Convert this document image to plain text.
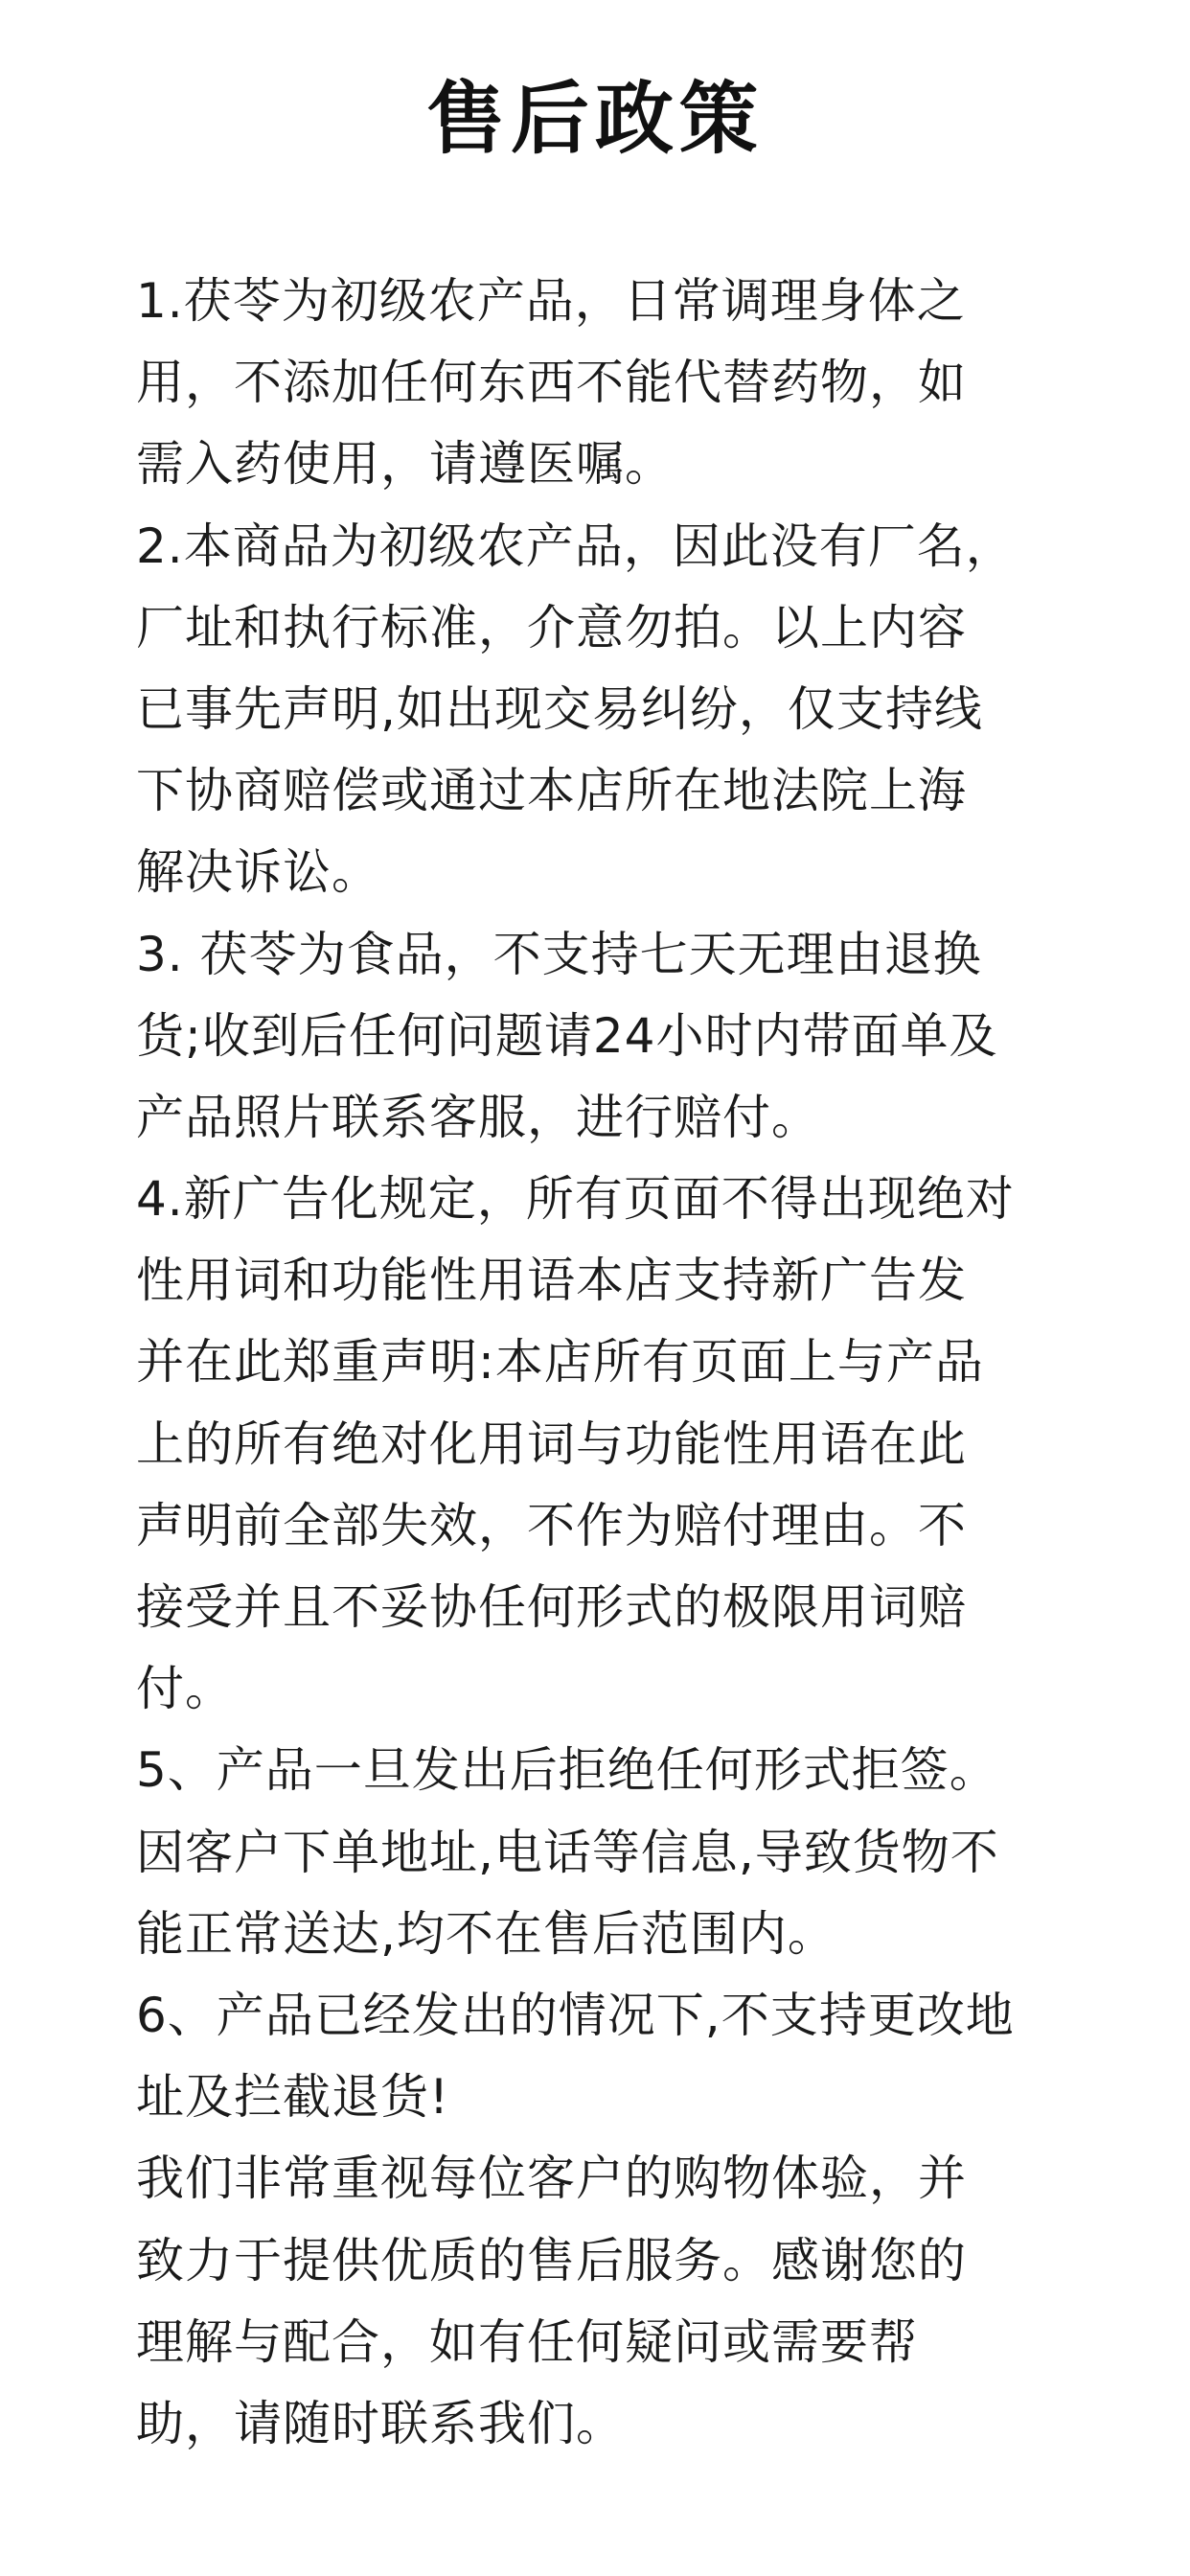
售后政策
1.茯苓为初级农产品，日常调理身体之
用，不添加任何东西不能代替药物，如
需入药使用，请遵医嘱。
2.本商品为初级农产品，因此没有厂名，
厂址和执行标准，介意勿拍。以上内容
已事先声明,如出现交易纠纷，仅支持线
下协商赔偿或通过本店所在地法院上海
解决诉讼。
3. 茯苓为食品，不支持七天无理由退换
货;收到后任何问题请24小时内带面单及
产品照片联系客服，进行赔付。
4.新广告化规定，所有页面不得出现绝对
性用词和功能性用语本店支持新广告发
并在此郑重声明:本店所有页面上与产品
上的所有绝对化用词与功能性用语在此
声明前全部失效，不作为赔付理由。不
接受并且不妥协任何形式的极限用词赔
付。
5、产品一旦发出后拒绝任何形式拒签。
因客户下单地址,电话等信息,导致货物不
能正常送达,均不在售后范围内。
6、产品已经发出的情况下,不支持更改地
址及拦截退货!
我们非常重视每位客户的购物体验，并
致力于提供优质的售后服务。感谢您的
理解与配合，如有任何疑问或需要帮
助，请随时联系我们。
